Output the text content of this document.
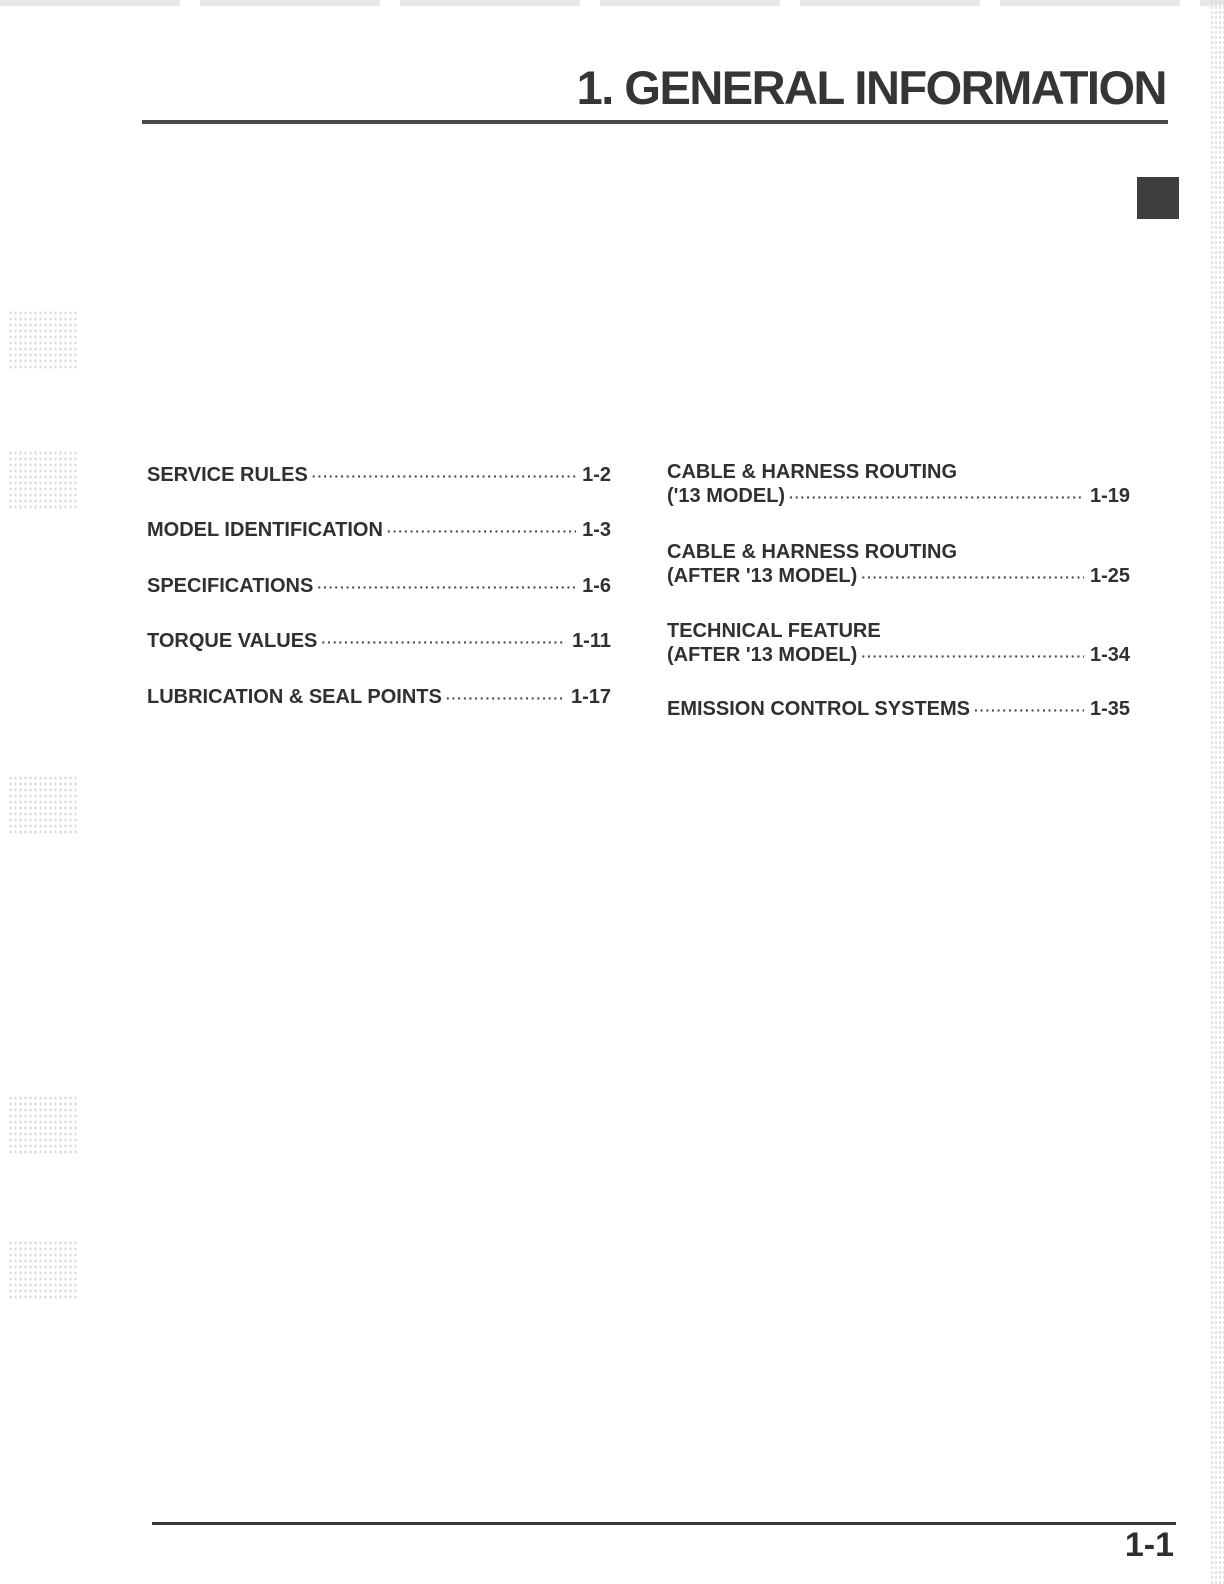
1. GENERAL INFORMATION
SERVICE RULES ·····	1-2
MODEL IDENTIFICATION ·····	1-3
SPECIFICATIONS ·····	1-6
TORQUE VALUES ·····	1-11
LUBRICATION & SEAL POINTS ·····	1-17
CABLE & HARNESS ROUTING
('13 MODEL) ·····	1-19
CABLE & HARNESS ROUTING
(AFTER '13 MODEL) ·····	1-25
TECHNICAL FEATURE
(AFTER '13 MODEL) ·····	1-34
EMISSION CONTROL SYSTEMS ·····	1-35
1-1
